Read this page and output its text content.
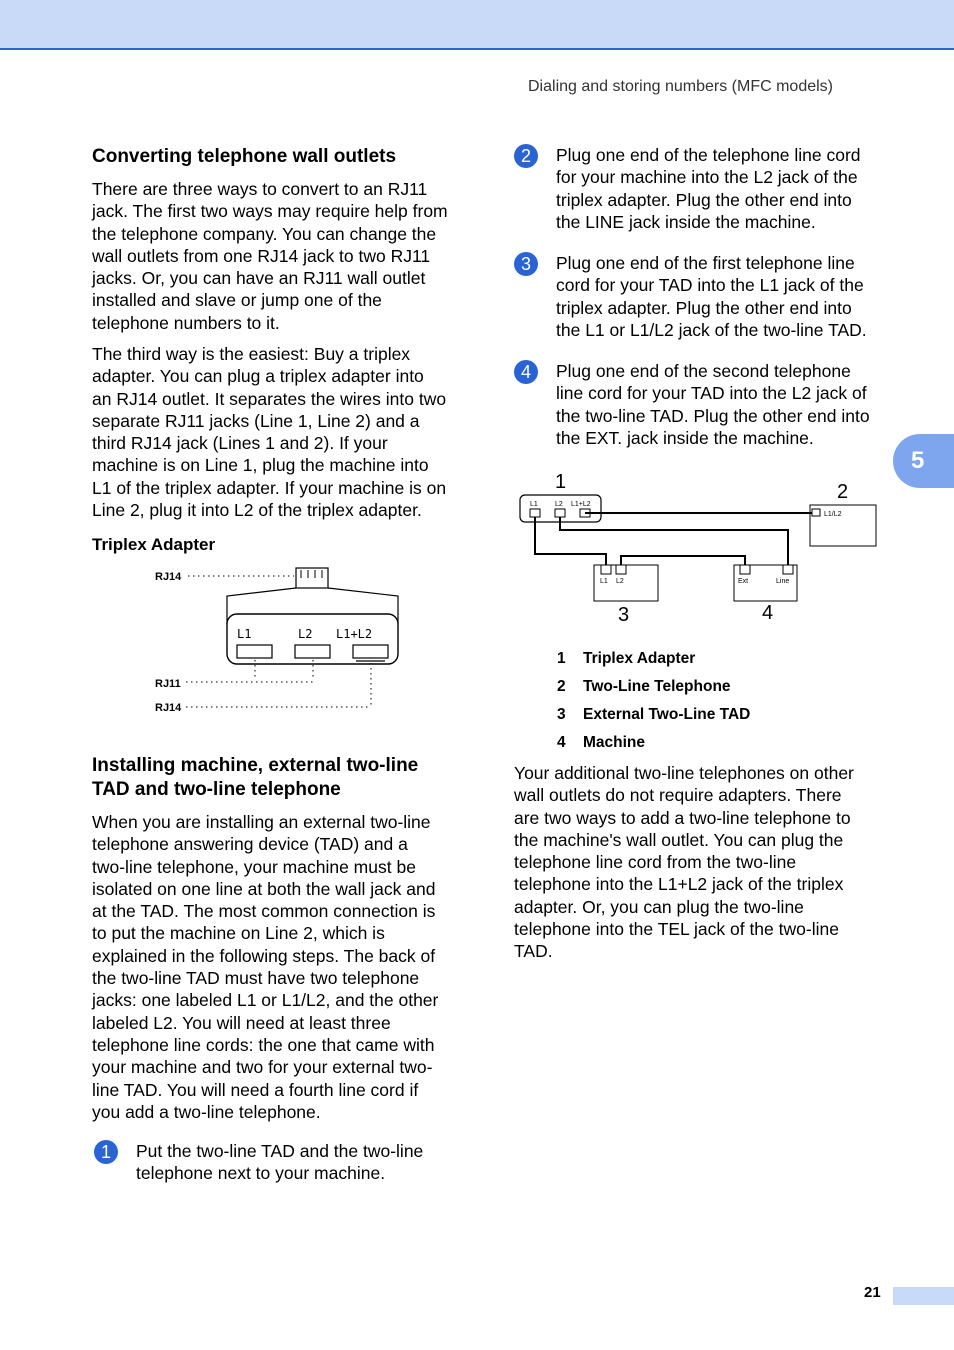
Dialing and storing numbers (MFC models)
5
Converting telephone wall outlets
There are three ways to convert to an RJ11
jack. The first two ways may require help from
the telephone company. You can change the
wall outlets from one RJ14 jack to two RJ11
jacks. Or, you can have an RJ11 wall outlet
installed and slave or jump one of the
telephone numbers to it.
The third way is the easiest: Buy a triplex
adapter. You can plug a triplex adapter into
an RJ14 outlet. It separates the wires into two
separate RJ11 jacks (Line 1, Line 2) and a
third RJ14 jack (Lines 1 and 2). If your
machine is on Line 1, plug the machine into
L1 of the triplex adapter. If your machine is on
Line 2, plug it into L2 of the triplex adapter.
Triplex Adapter
L1	L2 L1+L2
RJ14
RJ11
RJ14
Installing machine, external two-line
TAD and two-line telephone
When you are installing an external two-line
telephone answering device (TAD) and a
two-line telephone, your machine must be
isolated on one line at both the wall jack and
at the TAD. The most common connection is
to put the machine on Line 2, which is
explained in the following steps. The back of
the two-line TAD must have two telephone
jacks: one labeled L1 or L1/L2, and the other
labeled L2. You will need at least three
telephone line cords: the one that came with
your machine and two for your external two-
line TAD. You will need a fourth line cord if
you add a two-line telephone.
1	Put the two-line TAD and the two-line
telephone next to your machine.
2	Plug one end of the telephone line cord
for your machine into the L2 jack of the
triplex adapter. Plug the other end into
the LINE jack inside the machine.
3	Plug one end of the first telephone line
cord for your TAD into the L1 jack of the
triplex adapter. Plug the other end into
the L1 or L1/L2 jack of the two-line TAD.
4	Plug one end of the second telephone
line cord for your TAD into the L2 jack of
the two-line TAD. Plug the other end into
the EXT. jack inside the machine.
1	2
3	4
L1 L2 L1+L2
L1/L2
L1 L2	Ext	Line
1 Triplex Adapter
2 Two-Line Telephone
3 External Two-Line TAD
4 Machine
Your additional two-line telephones on other
wall outlets do not require adapters. There
are two ways to add a two-line telephone to
the machine's wall outlet. You can plug the
telephone line cord from the two-line
telephone into the L1+L2 jack of the triplex
adapter. Or, you can plug the two-line
telephone into the TEL jack of the two-line
TAD.
21
